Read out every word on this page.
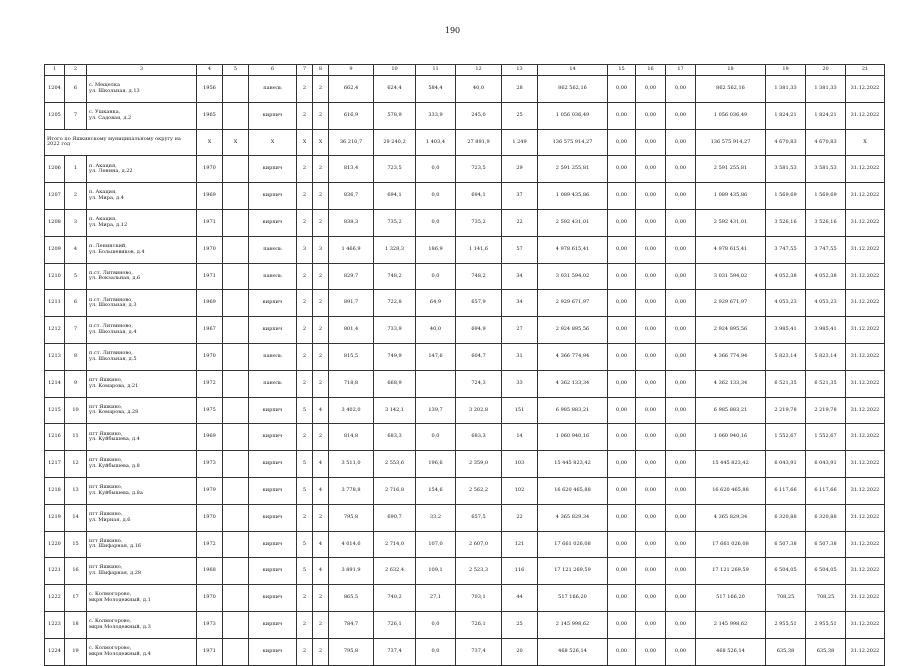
190
1	2	3	4	5	6	7	8	9	10	11	12	13	14	15	16	17	18	19	20	21
1204	6	с. Мещелка
ул. Школьная, д.13	1956		панель	2	2	662,4	624,4	584,4	40,0	28	862 562,16	0,00	0,00	0,00	862 562,16	1 381,33	1 381,33	31.12.2022
1205	7	с. Ушканка,
ул. Садовая, д.2	1965		кирпич	2	2	616,9	578,9	333,9	245,0	25	1 056 036,49	0,00	0,00	0,00	1 056 036,49	1 824,21	1 824,21	31.12.2022
Итого по Яшкинскому муниципальному округу на 2022 год			X	X	X	X	X	36 210,7	29 240,2	1 403,4	27 891,9	1 249	136 575 914,27	0,00	0,00	0,00	136 575 914,27	4 670,83	4 670,83	X
1206	1	п. Акация,
ул. Ленина, д.22	1970		кирпич	2	2	813,4	723,5	0,0	723,5	29	2 591 255,81	0,00	0,00	0,00	2 591 255,81	3 581,53	3 581,53	31.12.2022
1207	2	п. Акация,
ул. Мира, д.4	1969		кирпич	2	2	836,7	694,1	0,0	694,1	37	1 089 435,86	0,00	0,00	0,00	1 089 435,86	1 569,69	1 569,69	31.12.2022
1208	3	п. Акация,
ул. Мира, д.12	1971		кирпич	2	2	838,3	735,2	0,0	735,2	22	2 592 431,01	0,00	0,00	0,00	2 592 431,01	3 526,16	3 526,16	31.12.2022
1209	4	п. Ленинский,
ул. Большевиков, д.4	1970		панель	3	3	1 466,9	1 328,3	186,9	1 141,6	57	4 978 615,41	0,00	0,00	0,00	4 978 615,41	3 747,55	3 747,55	31.12.2022
1210	5	п.ст. Литвиново,
ул. Вокзальная, д.6	1971		панель	2	2	829,7	748,2	0,0	748,2	34	3 031 594,02	0,00	0,00	0,00	3 031 594,02	4 052,38	4 052,38	31.12.2022
1211	6	п.ст. Литвиново,
ул. Школьная, д.3	1969		кирпич	2	2	891,7	722,8	64,9	657,9	34	2 929 671,97	0,00	0,00	0,00	2 929 671,97	4 053,23	4 053,23	31.12.2022
1212	7	п.ст. Литвиново,
ул. Школьная, д.4	1967		кирпич	2	2	801,4	733,9	40,0	694,9	27	2 924 895,56	0,00	0,00	0,00	2 924 895,56	3 985,41	3 985,41	31.12.2022
1213	8	п.ст. Литвиново,
ул. Школьная, д.5	1970		панель	2	2	815,5	749,9	147,6	604,7	31	4 366 774,94	0,00	0,00	0,00	4 366 774,94	5 823,14	5 823,14	31.12.2022
1214	9	пгт Яшкино,
ул. Комарова, д.21	1972		панель	2	2	718,8	668,9		724,3	33	4 362 133,34	0,00	0,00	0,00	4 362 133,34	6 521,35	6 521,35	31.12.2022
1215	10	пгт Яшкино,
ул. Комарова, д.28	1975		кирпич	5	4	3 402,0	3 142,1	139,7	3 202,8	151	6 985 883,21	0,00	0,00	0,00	6 985 883,21	2 219,78	2 219,78	31.12.2022
1216	11	пгт Яшкино,
ул. Куйбышева, д.4	1969		кирпич	2	2	814,8	683,3	0,0	683,3	14	1 060 940,16	0,00	0,00	0,00	1 060 940,16	1 552,67	1 552,67	31.12.2022
1217	12	пгт Яшкино,
ул. Куйбышева, д.8	1973		кирпич	5	4	3 511,0	2 553,6	196,6	2 359,0	103	15 445 823,42	0,00	0,00	0,00	15 445 823,42	6 043,91	6 043,91	31.12.2022
1218	13	пгт Яшкино,
ул. Куйбышева, д.8а	1979		кирпич	5	4	3 778,8	2 716,8	154,6	2 562,2	102	16 620 465,88	0,00	0,00	0,00	16 620 465,88	6 117,66	6 117,66	31.12.2022
1219	14	пгт Яшкино,
ул. Мирная, д.6	1970		кирпич	2	2	795,8	690,7	33,2	657,5	22	4 365 829,34	0,00	0,00	0,00	4 365 829,34	6 320,88	6 320,88	31.12.2022
1220	15	пгт Яшкино,
ул. Шифарная, д.16	1972		кирпич	5	4	4 014,6	2 714,0	107,0	2 607,0	121	17 661 026,08	0,00	0,00	0,00	17 661 026,08	6 507,38	6 507,38	31.12.2022
1221	16	пгт Яшкино,
ул. Шифарная, д.28	1968		кирпич	5	4	3 891,9	2 632,4	109,1	2 523,3	116	17 121 269,59	0,00	0,00	0,00	17 121 269,59	6 504,05	6 504,05	31.12.2022
1222	17	с. Колмогорово,
мкрн Молодежный, д.1	1970		кирпич	2	2	865,5	740,2	27,1	703,1	44	517 166,20	0,00	0,00	0,00	517 166,20	708,25	708,25	31.12.2022
1223	18	с. Колмогорово,
мкрн Молодежный, д.3	1973		кирпич	2	2	784,7	726,1	0,0	726,1	25	2 145 998,62	0,00	0,00	0,00	2 145 998,62	2 955,51	2 955,51	31.12.2022
1224	19	с. Колмогорово,
мкрн Молодежный, д.4	1971		кирпич	2	2	795,8	737,4	0,0	737,4	20	468 526,14	0,00	0,00	0,00	468 526,14	635,38	635,38	31.12.2022
